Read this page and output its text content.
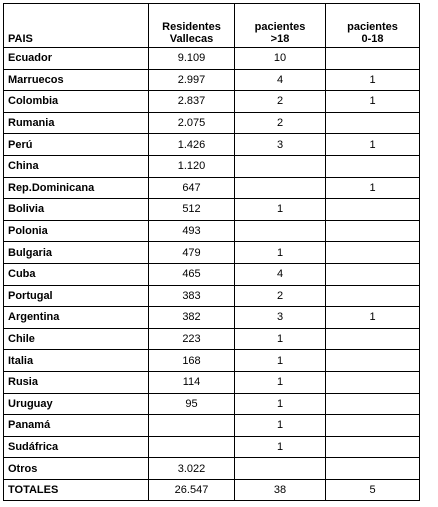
PAIS	Residentes Vallecas	pacientes >18	pacientes 0-18
Ecuador	9.109	10	
Marruecos	2.997	4	1
Colombia	2.837	2	1
Rumania	2.075	2	
Perú	1.426	3	1
China	1.120		
Rep.Dominicana	647		1
Bolivia	512	1	
Polonia	493		
Bulgaria	479	1	
Cuba	465	4	
Portugal	383	2	
Argentina	382	3	1
Chile	223	1	
Italia	168	1	
Rusia	114	1	
Uruguay	95	1	
Panamá		1	
Sudáfrica		1	
Otros	3.022		
TOTALES	26.547	38	5
